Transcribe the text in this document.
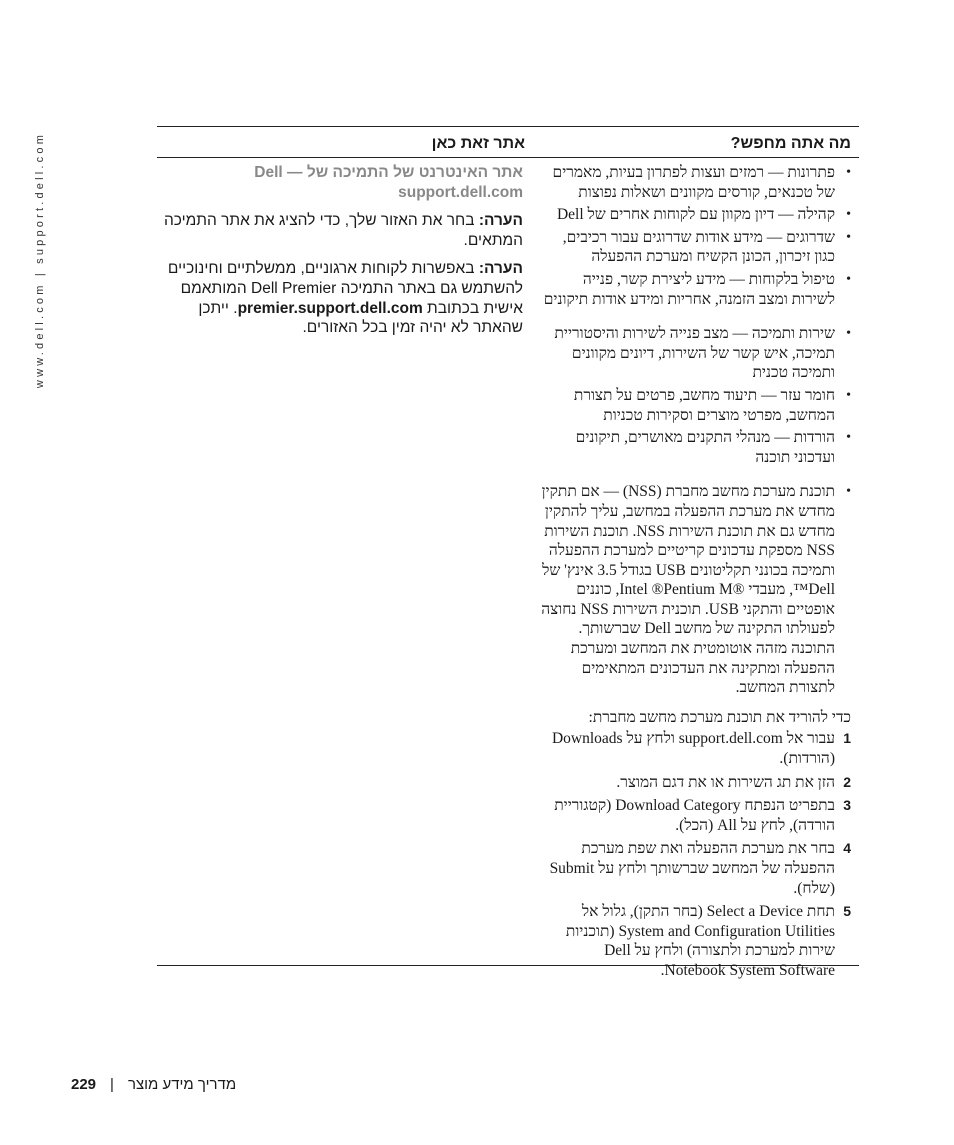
www.dell.com | support.dell.com	מה אתה מחפש?
אתר זאת כאן
• פתרונות — רמזים ועצות לפתרון בעיות, מאמרים של טכנאים, קורסים מקוונים ושאלות נפוצות
• קהילה — דיון מקוון עם לקוחות אחרים של Dell
• שדרוגים — מידע אודות שדרוגים עבור רכיבים, כגון זיכרון, הכונן הקשיח ומערכת ההפעלה
• טיפול בלקוחות — מידע ליצירת קשר, פנייה לשירות ומצב הזמנה, אחריות ומידע אודות תיקונים
• שירות ותמיכה — מצב פנייה לשירות והיסטוריית תמיכה, איש קשר של השירות, דיונים מקוונים ותמיכה טכנית
• חומר עזר — תיעוד מחשב, פרטים על תצורת המחשב, מפרטי מוצרים וסקירות טכניות
• הורדות — מנהלי התקנים מאושרים, תיקונים ועדכוני תוכנה
• תוכנת מערכת מחשב מחברת (NSS) — אם תתקין מחדש את מערכת ההפעלה במחשב, עליך להתקין מחדש גם את תוכנת השירות NSS. תוכנת השירות NSS מספקת עדכונים קריטיים למערכת ההפעלה ותמיכה בכונני תקליטונים USB בגודל 3.5 אינץ' של Dell™, מעבדי ®Intel ®Pentium M, כוננים אופטיים והתקני USB. תוכנית השירות NSS נחוצה לפעולתו התקינה של מחשב Dell שברשותך. התוכנה מזהה אוטומטית את המחשב ומערכת ההפעלה ומתקינה את העדכונים המתאימים לתצורת המחשב.
כדי להוריד את תוכנת מערכת מחשב מחברת:
1
עבור אל support.dell.com ולחץ על Downloads (הורדות).
2
הזן את תג השירות או את דגם המוצר.
3
בתפריט הנפתח Download Category (קטגוריית הורדה), לחץ על All (הכל).
4
בחר את מערכת ההפעלה ואת שפת מערכת ההפעלה של המחשב שברשותך ולחץ על Submit (שלח).
5
תחת Select a Device (בחר התקן), גלול אל System and Configuration Utilities (תוכניות שירות למערכת ולתצורה) ולחץ על Dell Notebook System Software.
אתר האינטרנט של התמיכה של Dell — support.dell.com
הערה: בחר את האזור שלך, כדי להציג את אתר התמיכה המתאים.
הערה: באפשרות לקוחות ארגוניים, ממשלתיים וחינוכיים להשתמש גם באתר התמיכה Dell Premier המותאמם אישית בכתובת premier.support.dell.com. ייתכן שהאתר לא יהיה זמין בכל האזורים.
229 | מדריך מידע מוצר
